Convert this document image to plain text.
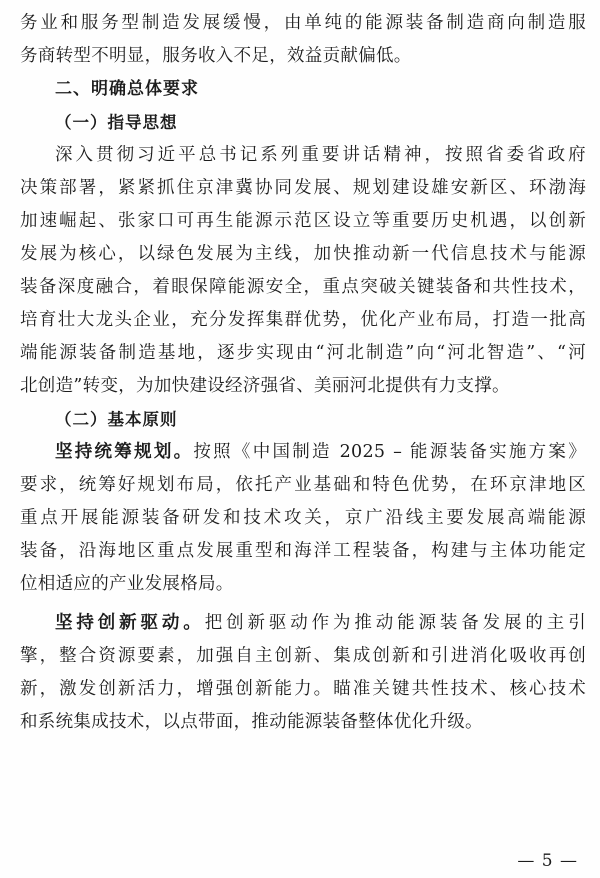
务业和服务型制造发展缓慢，由单纯的能源装备制造商向制造服
务商转型不明显，服务收入不足，效益贡献偏低。
二、明确总体要求
（一）指导思想
深入贯彻习近平总书记系列重要讲话精神，按照省委省政府
决策部署，紧紧抓住京津冀协同发展、规划建设雄安新区、环渤海
加速崛起、张家口可再生能源示范区设立等重要历史机遇，以创新
发展为核心，以绿色发展为主线，加快推动新一代信息技术与能源
装备深度融合，着眼保障能源安全，重点突破关键装备和共性技术，
培育壮大龙头企业，充分发挥集群优势，优化产业布局，打造一批高
端能源装备制造基地，逐步实现由“河北制造”向“河北智造”、“河
北创造”转变，为加快建设经济强省、美丽河北提供有力支撑。
（二）基本原则
坚持统筹规划。按照《中国制造 2025 – 能源装备实施方案》
要求，统筹好规划布局，依托产业基础和特色优势，在环京津地区
重点开展能源装备研发和技术攻关，京广沿线主要发展高端能源
装备，沿海地区重点发展重型和海洋工程装备，构建与主体功能定
位相适应的产业发展格局。
坚持创新驱动。把创新驱动作为推动能源装备发展的主引
擎，整合资源要素，加强自主创新、集成创新和引进消化吸收再创
新，激发创新活力，增强创新能力。瞄准关键共性技术、核心技术
和系统集成技术，以点带面，推动能源装备整体优化升级。
— 5 —
